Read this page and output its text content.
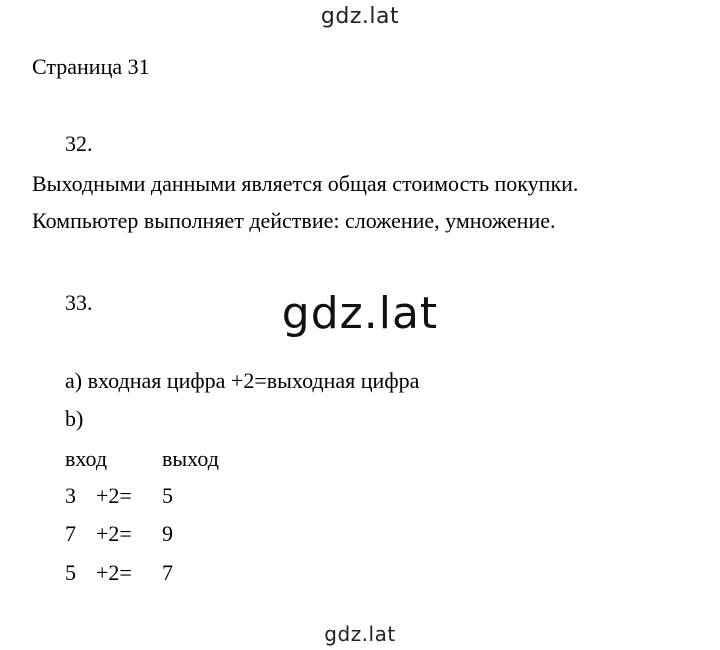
gdz.lat
Страница 31
32.
Выходными данными является общая стоимость покупки.
Компьютер выполняет действие: сложение, умножение.
33.	gdz.lat
а) входная цифра +2=выходная цифра
b)
вход выход
3 +2= 5
7 +2= 9
5 +2= 7
gdz.lat
